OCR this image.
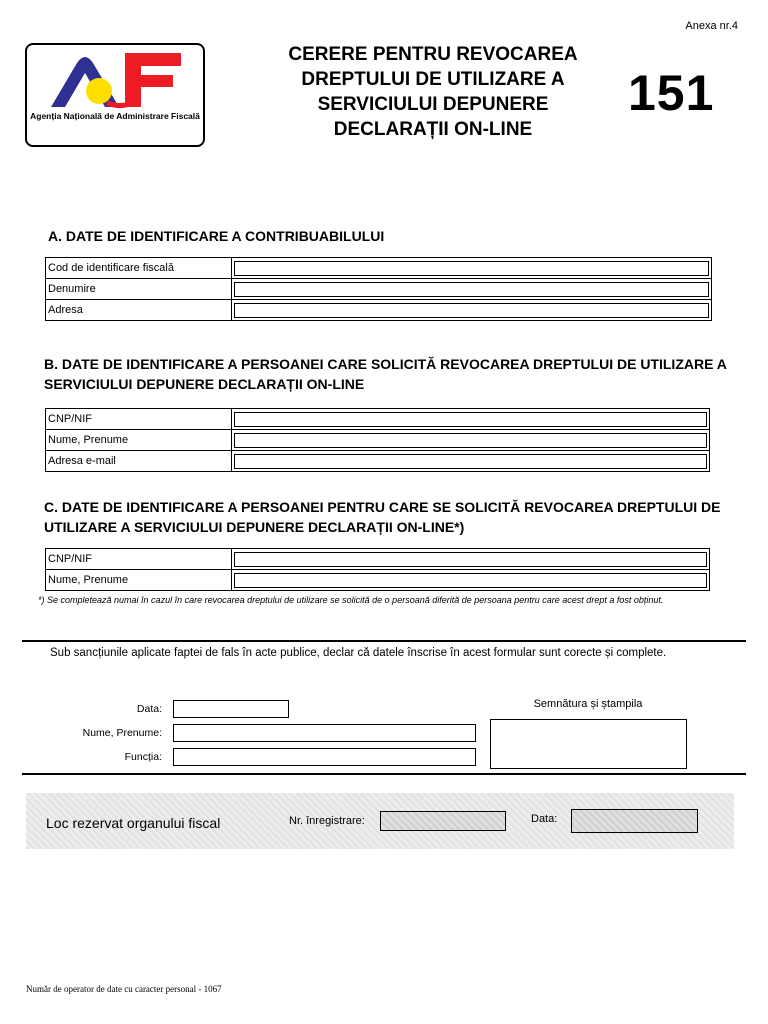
Anexa nr.4
Agenția Națională de Administrare Fiscală
CERERE PENTRU REVOCAREA
DREPTULUI DE UTILIZARE A
SERVICIULUI DEPUNERE
DECLARAȚII ON-LINE
151
A. DATE DE IDENTIFICARE A CONTRIBUABILULUI
Cod de identificare fiscală	

Denumire	

Adresa	
B. DATE DE IDENTIFICARE A PERSOANEI CARE SOLICITĂ REVOCAREA DREPTULUI DE UTILIZARE A
SERVICIULUI DEPUNERE DECLARAȚII ON-LINE
CNP/NIF	

Nume, Prenume	

Adresa e-mail	
C. DATE DE IDENTIFICARE A PERSOANEI PENTRU CARE SE SOLICITĂ REVOCAREA DREPTULUI DE
UTILIZARE A SERVICIULUI DEPUNERE DECLARAȚII ON-LINE*)
CNP/NIF	

Nume, Prenume	
*) Se completează numai în cazul în care revocarea dreptului de utilizare se solicită de o persoană diferită de persoana pentru care acest drept a fost obținut.
Sub sancțiunile aplicate faptei de fals în acte publice, declar că datele înscrise în acest formular sunt corecte și complete.
Data:
Nume, Prenume:
Funcția:
Semnătura și ștampila
Loc rezervat organului fiscal	Nr. înregistrare:	Data:
Număr de operator de date cu caracter personal - 1067
